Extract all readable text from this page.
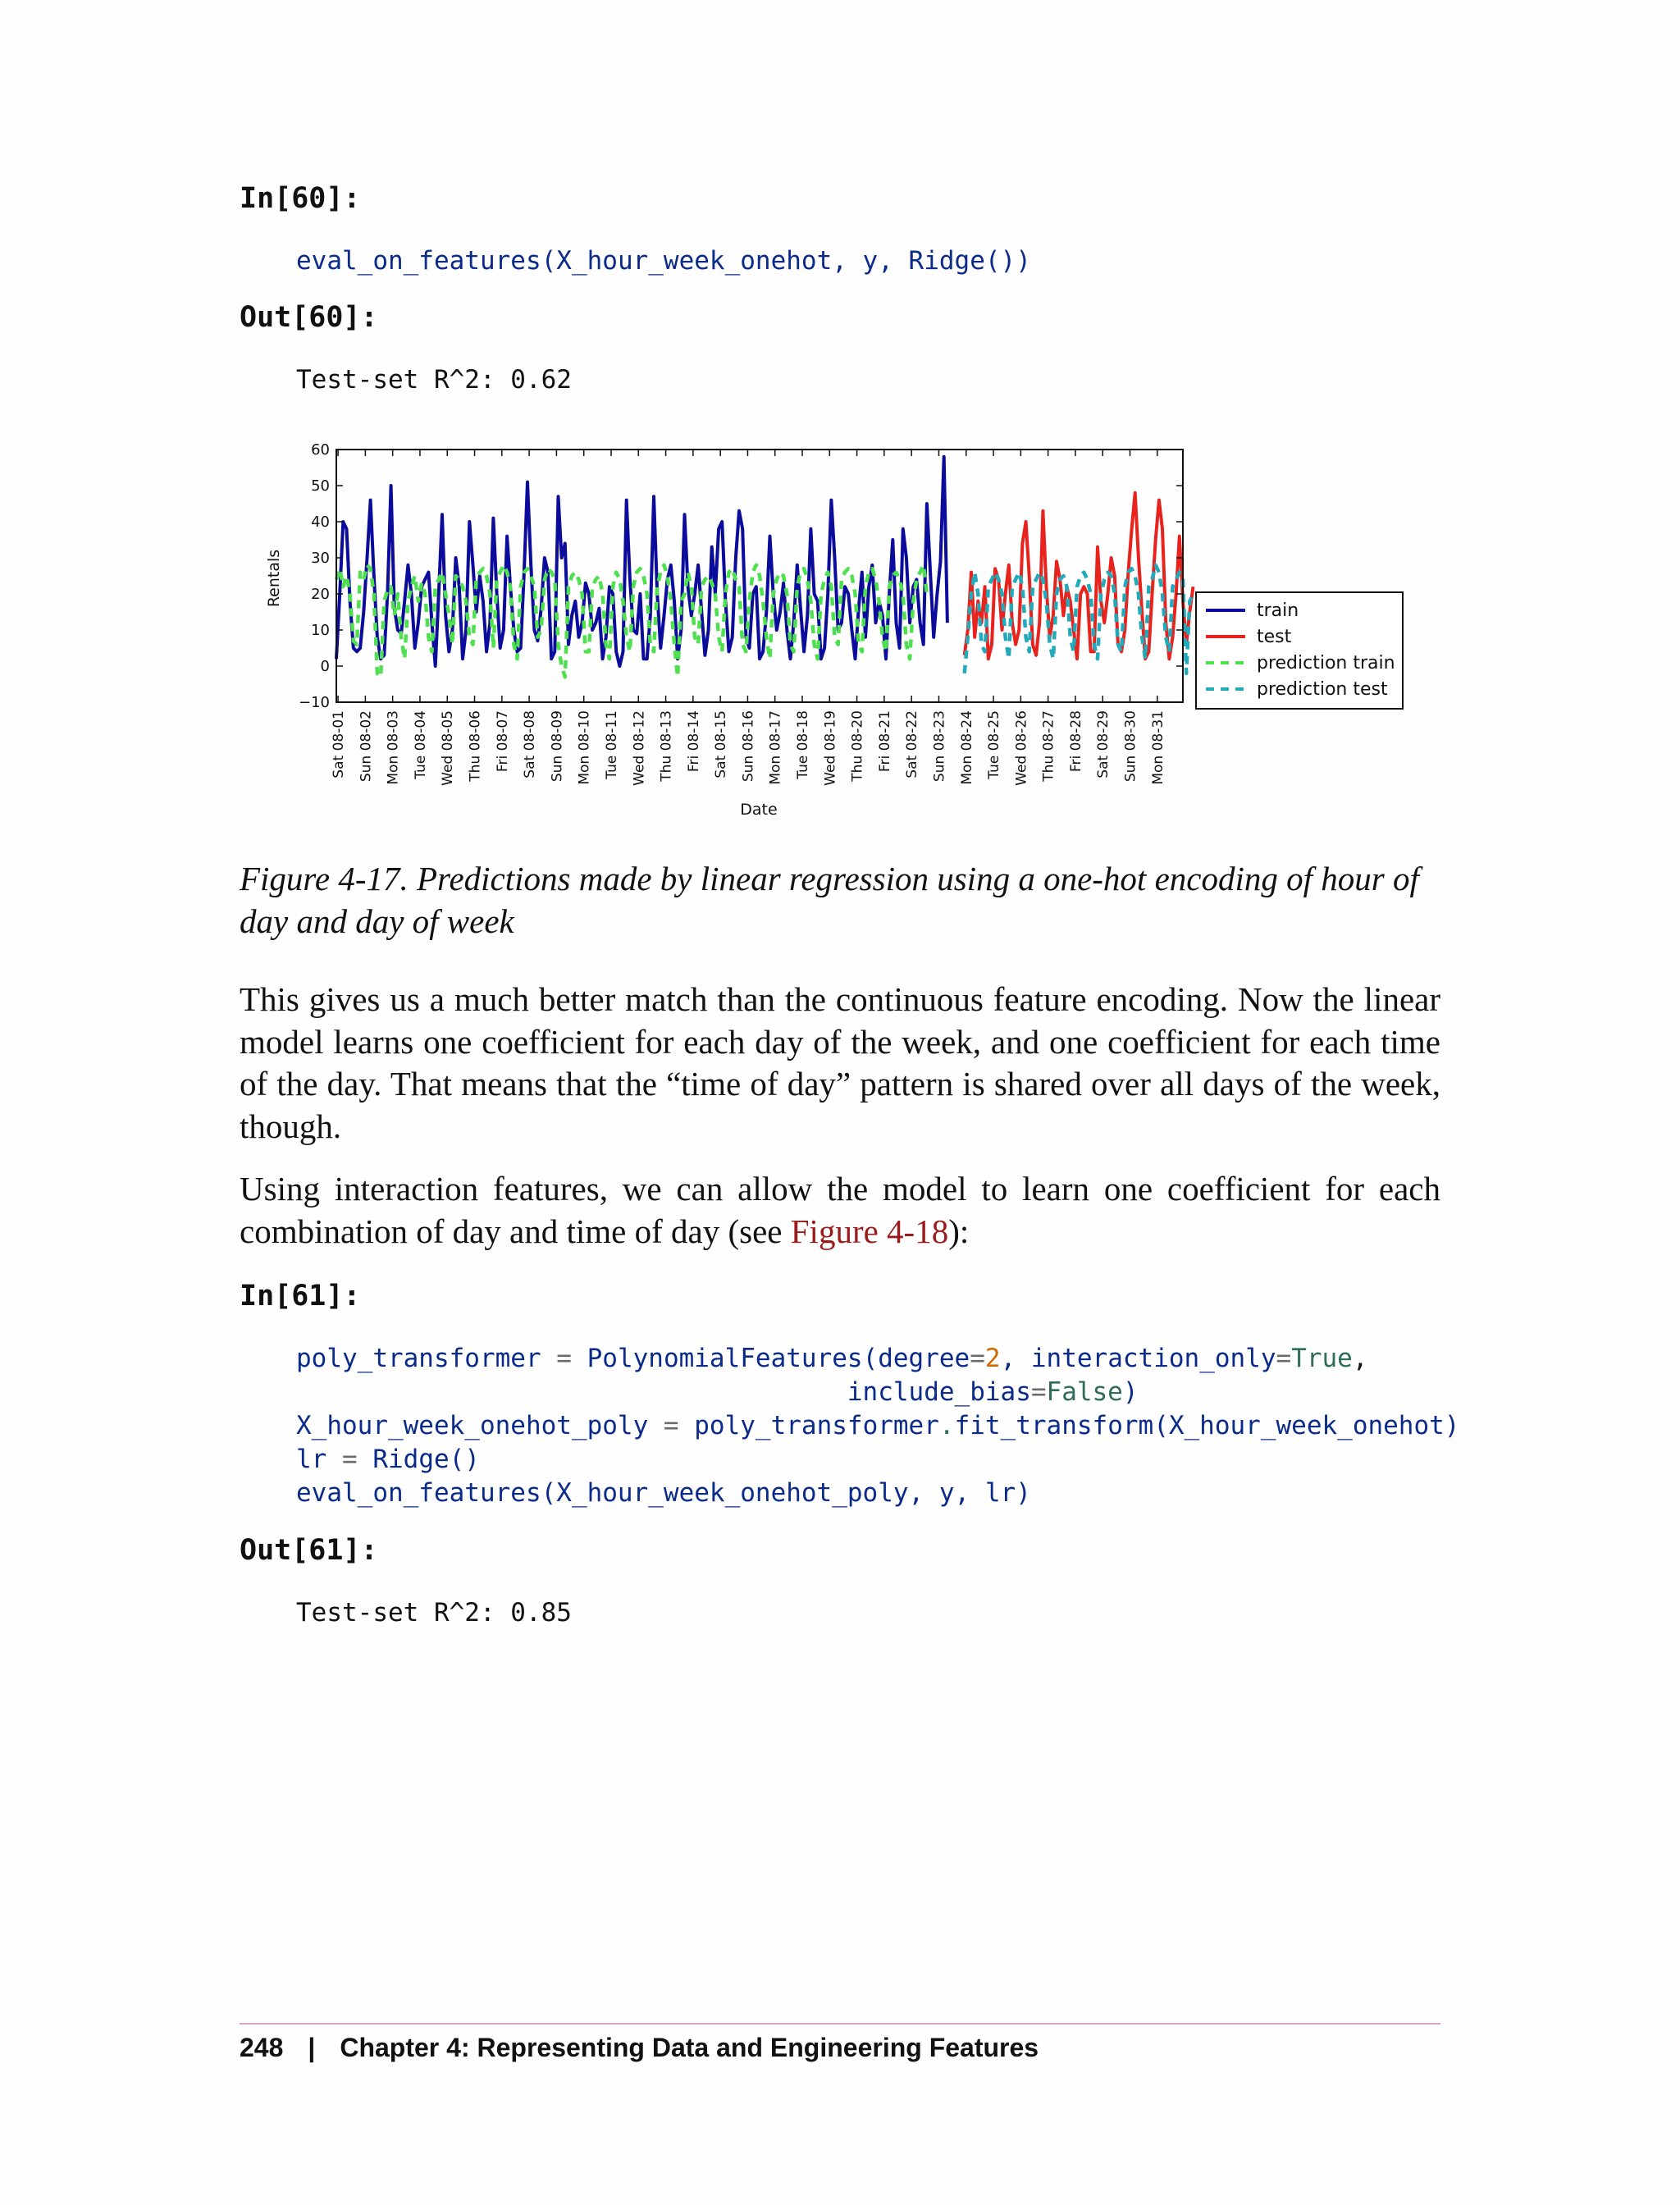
In[60]:
eval_on_features(X_hour_week_onehot, y, Ridge())
Out[60]:
Test-set R^2: 0.62
−10
0
10
20
30
40
50
60
Sat 08-01 Sun 08-02 Mon 08-03 Tue 08-04 Wed 08-05 Thu 08-06 Fri 08-07 Sat 08-08 Sun 08-09 Mon 08-10 Tue 08-11 Wed 08-12 Thu 08-13 Fri 08-14 Sat 08-15 Sun 08-16 Mon 08-17 Tue 08-18 Wed 08-19 Thu 08-20 Fri 08-21 Sat 08-22 Sun 08-23 Mon 08-24 Tue 08-25 Wed 08-26 Thu 08-27 Fri 08-28 Sat 08-29 Sun 08-30 Mon 08-31
train
test
prediction train
prediction test
Rentals
Date

Figure 4-17. Predictions made by linear regression using a one-hot encoding of hour of day and day of week

This gives us a much better match than the continuous feature encoding. Now the linear model learns one coefficient for each day of the week, and one coefficient for each time of the day. That means that the “time of day” pattern is shared over all days of the week, though.

Using interaction features, we can allow the model to learn one coefficient for each combination of day and time of day (see Figure 4-18):

In[61]:
poly_transformer = PolynomialFeatures(degree=2, interaction_only=True,
include_bias=False)
X_hour_week_onehot_poly = poly_transformer.fit_transform(X_hour_week_onehot)
lr = Ridge()
eval_on_features(X_hour_week_onehot_poly, y, lr)
Out[61]:
Test-set R^2: 0.85
248 | Chapter 4: Representing Data and Engineering Features
